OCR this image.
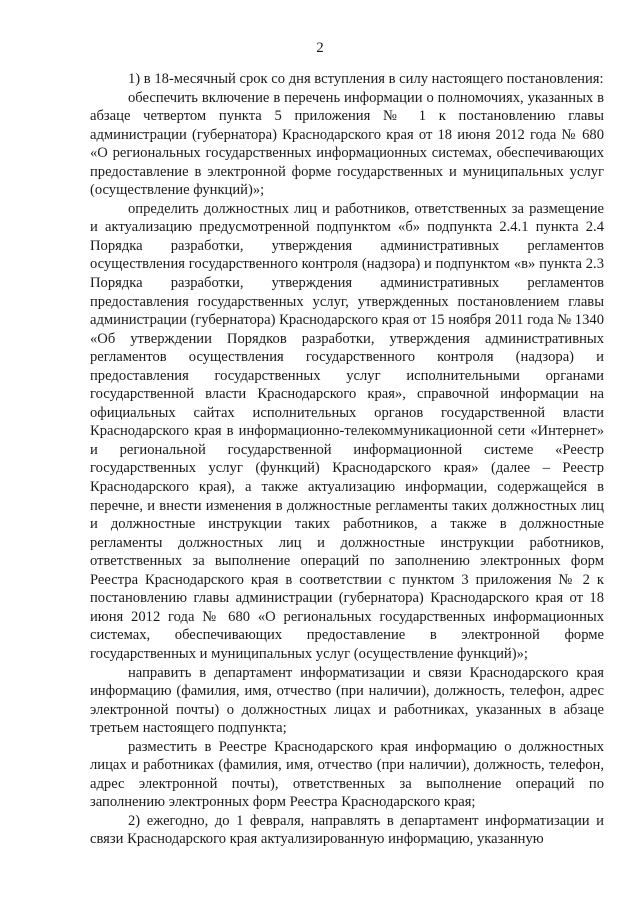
2

1) в 18-месячный срок со дня вступления в силу настоящего постановления:

обеспечить включение в перечень информации о полномочиях, указанных в абзаце четвертом пункта 5 приложения № 1 к постановлению главы администрации (губернатора) Краснодарского края от 18 июня 2012 года № 680 «О региональных государственных информационных системах, обеспечивающих предоставление в электронной форме государственных и муниципальных услуг (осуществление функций)»;

определить должностных лиц и работников, ответственных за размещение и актуализацию предусмотренной подпунктом «б» подпункта 2.4.1 пункта 2.4 Порядка разработки, утверждения административных регламентов осуществления государственного контроля (надзора) и подпунктом «в» пункта 2.3 Порядка разработки, утверждения административных регламентов предоставления государственных услуг, утвержденных постановлением главы администрации (губернатора) Краснодарского края от 15 ноября 2011 года № 1340 «Об утверждении Порядков разработки, утверждения административных регламентов осуществления государственного контроля (надзора) и предоставления государственных услуг исполнительными органами государственной власти Краснодарского края», справочной информации на официальных сайтах исполнительных органов государственной власти Краснодарского края в информационно-телекоммуникационной сети «Интернет» и региональной государственной информационной системе «Реестр государственных услуг (функций) Краснодарского края» (далее – Реестр Краснодарского края), а также актуализацию информации, содержащейся в перечне, и внести изменения в должностные регламенты таких должностных лиц и должностные инструкции таких работников, а также в должностные регламенты должностных лиц и должностные инструкции работников, ответственных за выполнение операций по заполнению электронных форм Реестра Краснодарского края в соответствии с пунктом 3 приложения № 2 к постановлению главы администрации (губернатора) Краснодарского края от 18 июня 2012 года № 680 «О региональных государственных информационных системах, обеспечивающих предоставление в электронной форме государственных и муниципальных услуг (осуществление функций)»;

направить в департамент информатизации и связи Краснодарского края информацию (фамилия, имя, отчество (при наличии), должность, телефон, адрес электронной почты) о должностных лицах и работниках, указанных в абзаце третьем настоящего подпункта;

разместить в Реестре Краснодарского края информацию о должностных лицах и работниках (фамилия, имя, отчество (при наличии), должность, телефон, адрес электронной почты), ответственных за выполнение операций по заполнению электронных форм Реестра Краснодарского края;

2) ежегодно, до 1 февраля, направлять в департамент информатизации и связи Краснодарского края актуализированную информацию, указанную
